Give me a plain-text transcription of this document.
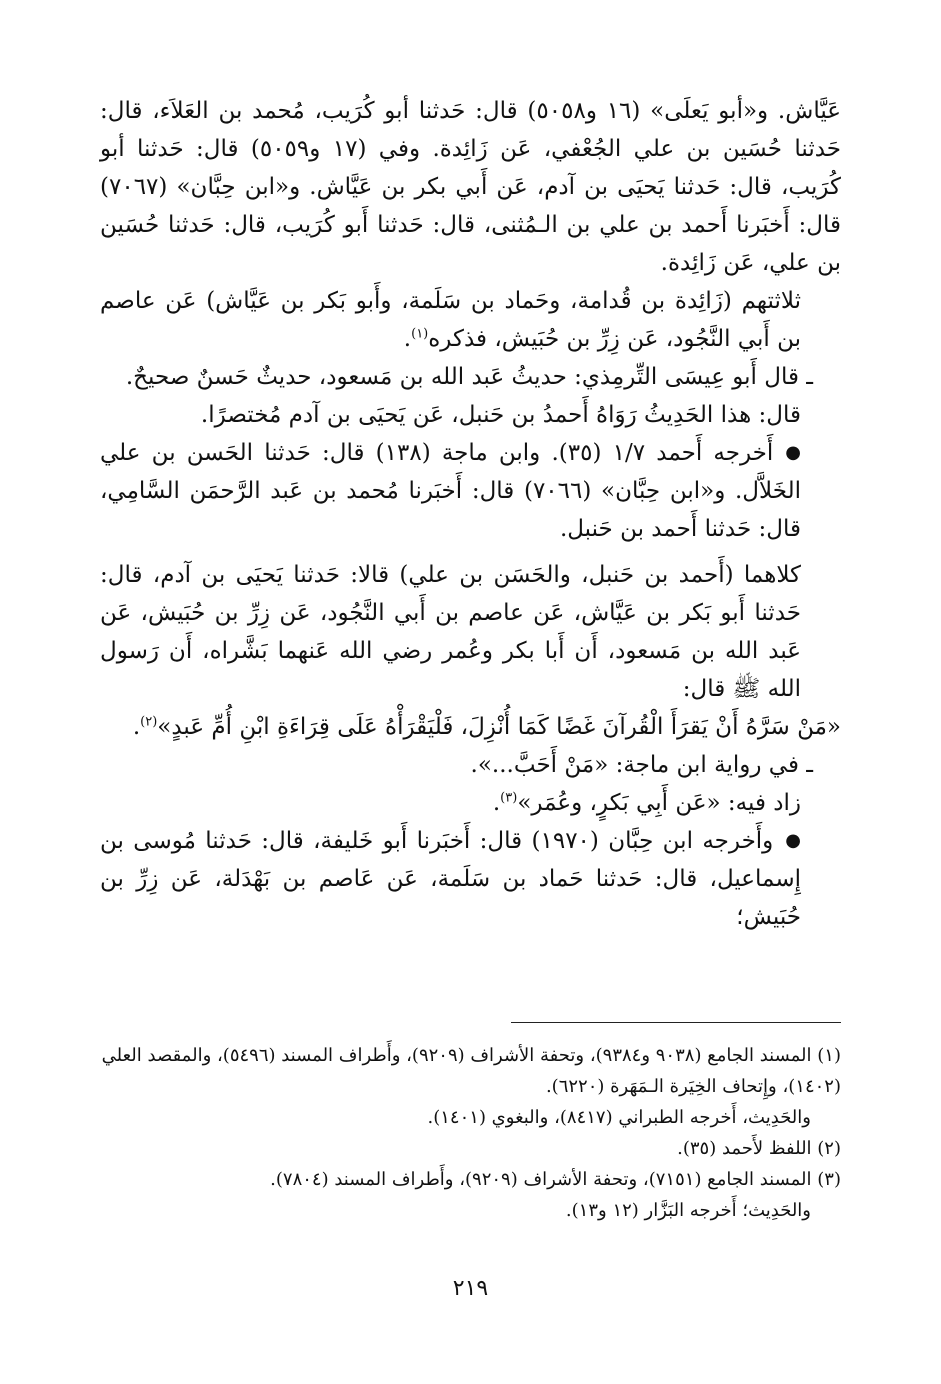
عَيَّاش. و«أبو يَعلَى» (١٦ و٥٠٥٨) قال: حَدثنا أبو كُرَيب، مُحمد بن العَلاَء، قال: حَدثنا حُسَين بن علي الجُعْفي، عَن زَائِدة. وفي (١٧ و٥٠٥٩) قال: حَدثنا أبو كُرَيب، قال: حَدثنا يَحيَى بن آدم، عَن أَبي بكر بن عَيَّاش. و«ابن حِبَّان» (٧٠٦٧) قال: أَخبَرنا أَحمد بن علي بن الـمُثنى، قال: حَدثنا أَبو كُرَيب، قال: حَدثنا حُسَين بن علي، عَن زَائِدة.

ثلاثتهم (زَائِدة بن قُدامة، وحَماد بن سَلَمة، وأَبو بَكر بن عَيَّاش) عَن عاصم بن أَبي النَّجُود، عَن زِرِّ بن حُبَيش، فذكره$^{(١)}$.

ـ قال أَبو عِيسَى التِّرمِذي: حديثُ عَبد الله بن مَسعود، حديثٌ حَسنٌ صحيحٌ.

قال: هذا الحَدِيثُ رَوَاهُ أَحمدُ بن حَنبل، عَن يَحيَى بن آدم مُختصرًا.

●أَخرجه أَحمد ١/٧ (٣٥). وابن ماجة (١٣٨) قال: حَدثنا الحَسن بن علي الخَلاَّل. و«ابن حِبَّان» (٧٠٦٦) قال: أَخبَرنا مُحمد بن عَبد الرَّحمَن السَّامِي، قال: حَدثنا أَحمد بن حَنبل.

كلاهما (أَحمد بن حَنبل، والحَسَن بن علي) قالا: حَدثنا يَحيَى بن آدم، قال: حَدثنا أَبو بَكر بن عَيَّاش، عَن عاصم بن أَبي النَّجُود، عَن زِرِّ بن حُبَيش، عَن عَبد الله بن مَسعود، أَن أَبا بكر وعُمر رضي الله عَنهما بَشَّراه، أَن رَسول الله ﷺ قال:

«مَنْ سَرَّهُ أَنْ يَقرَأَ الْقُرآنَ غَضًا كَمَا أُنْزِلَ، فَلْيَقْرَأْهُ عَلَى قِرَاءَةِ ابْنِ أُمِّ عَبدٍ»$^{(٢)}$.

ـ في رواية ابن ماجة: «مَنْ أَحَبَّ...».

زاد فيه: «عَن أَبِي بَكرٍ، وعُمَر»$^{(٣)}$.

●وأَخرجه ابن حِبَّان (١٩٧٠) قال: أَخبَرنا أَبو خَليفة، قال: حَدثنا مُوسى بن إِسماعيل، قال: حَدثنا حَماد بن سَلَمة، عَن عَاصم بن بَهْدَلة، عَن زِرِّ بن حُبَيش؛

(١) المسند الجامع (٩٠٣٨ و٩٣٨٤)، وتحفة الأشراف (٩٢٠٩)، وأَطراف المسند (٥٤٩٦)، والمقصد العلي (١٤٠٢)، وإِتحاف الخِيَرة الـمَهَرة (٦٢٢٠).

والحَدِيث، أَخرجه الطبراني (٨٤١٧)، والبغوي (١٤٠١).

(٢) اللفظ لأَحمد (٣٥).

(٣) المسند الجامع (٧١٥١)، وتحفة الأشراف (٩٢٠٩)، وأَطراف المسند (٧٨٠٤).

والحَدِيث؛ أَخرجه البَزَّار (١٢ و١٣).

٢١٩
